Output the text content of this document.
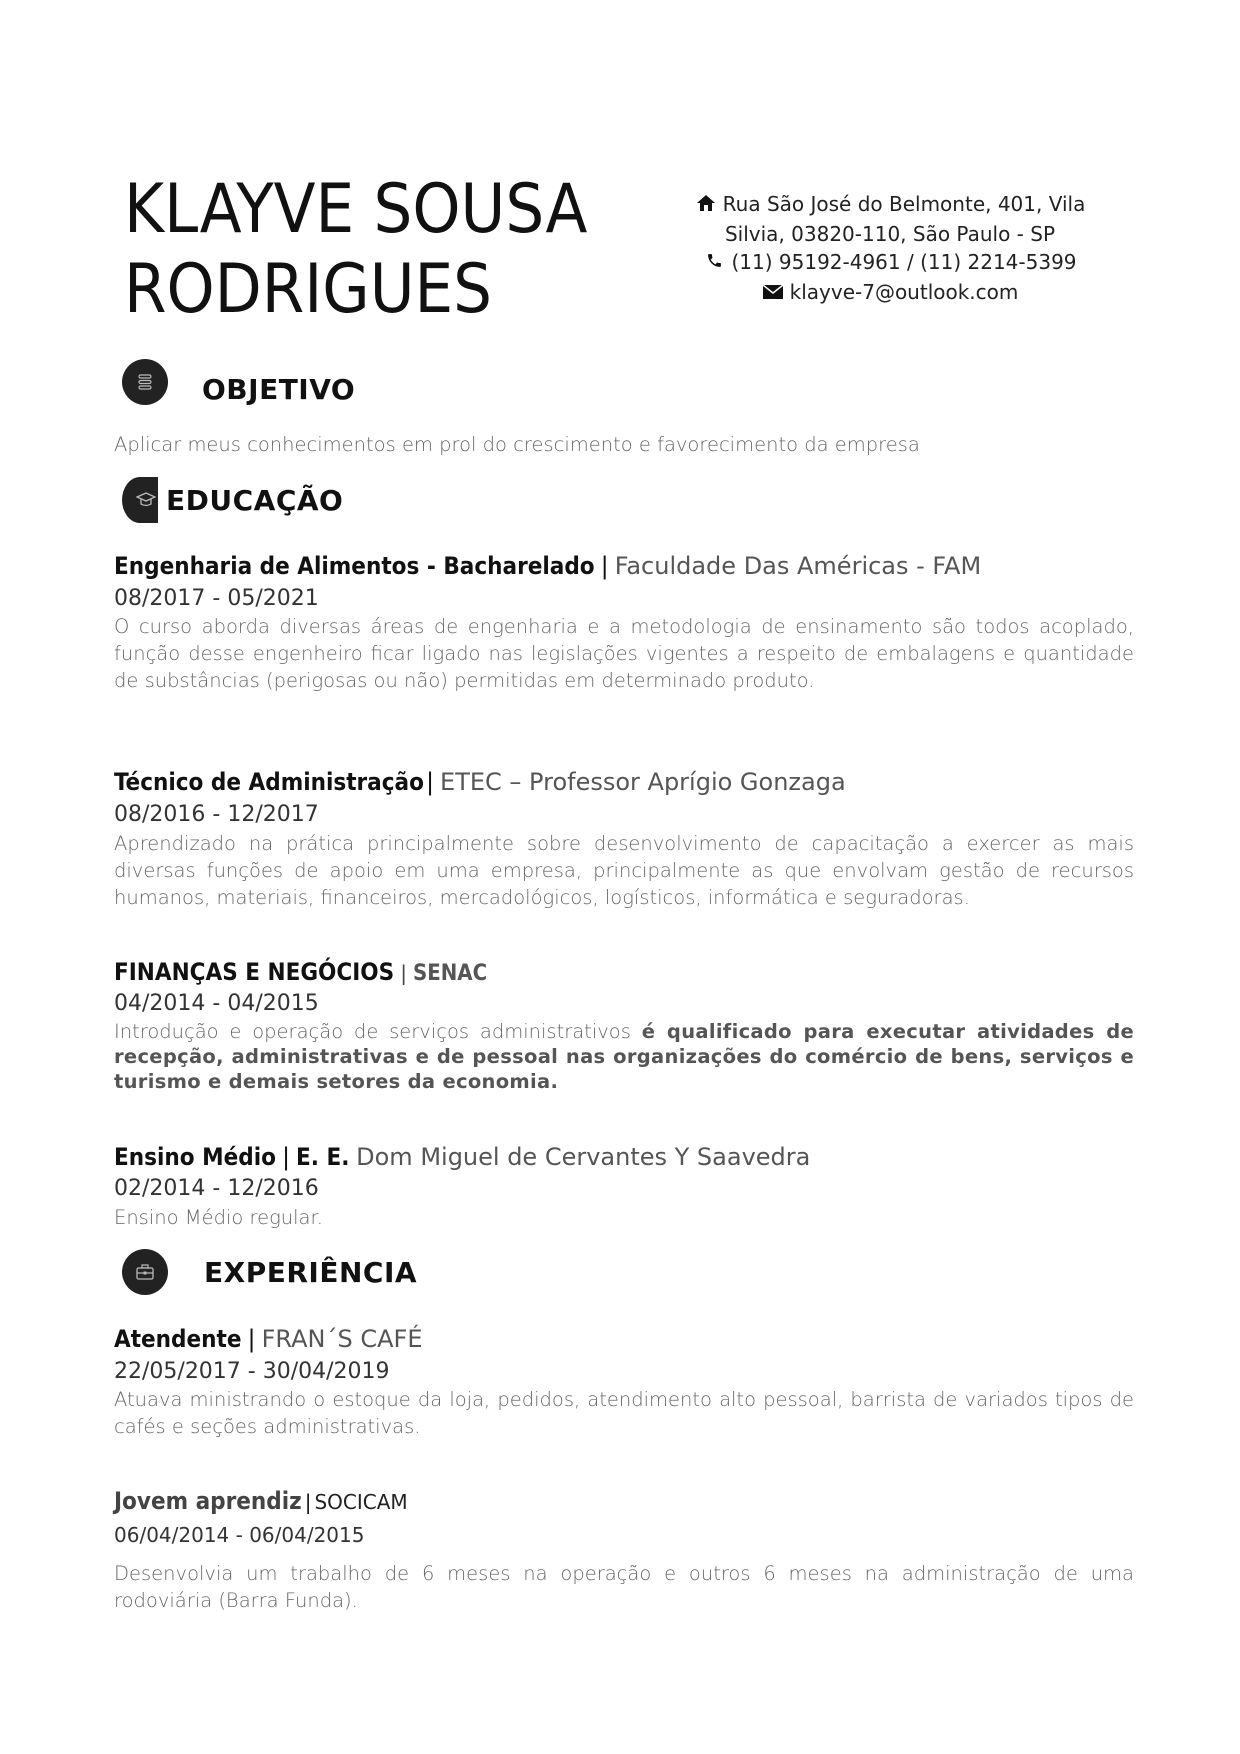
KLAYVE SOUSA
RODRIGUES
Rua São José do Belmonte, 401, Vila
Silvia, 03820-110, São Paulo - SP
(11) 95192-4961 / (11) 2214-5399
klayve-7@outlook.com
OBJETIVO
Aplicar meus conhecimentos em prol do crescimento e favorecimento da empresa
EDUCAÇÃO
Engenharia de Alimentos - Bacharelado | Faculdade Das Américas - FAM
08/2017 - 05/2021
O curso aborda diversas áreas de engenharia e a metodologia de ensinamento são todos acoplado, função desse engenheiro ficar ligado nas legislações vigentes a respeito de embalagens e quantidade de substâncias (perigosas ou não) permitidas em determinado produto.
Técnico de Administração| ETEC – Professor Aprígio Gonzaga
08/2016 - 12/2017
Aprendizado na prática principalmente sobre desenvolvimento de capacitação a exercer as mais diversas funções de apoio em uma empresa, principalmente as que envolvam gestão de recursos humanos, materiais, financeiros, mercadológicos, logísticos, informática e seguradoras.
FINANÇAS E NEGÓCIOS | SENAC
04/2014 - 04/2015
Introdução e operação de serviços administrativos é qualificado para executar atividades de recepção, administrativas e de pessoal nas organizações do comércio de bens, serviços e turismo e demais setores da economia.
Ensino Médio | E. E. Dom Miguel de Cervantes Y Saavedra
02/2014 - 12/2016
Ensino Médio regular.
EXPERIÊNCIA
Atendente | FRAN´S CAFÉ
22/05/2017 - 30/04/2019
Atuava ministrando o estoque da loja, pedidos, atendimento alto pessoal, barrista de variados tipos de cafés e seções administrativas.
Jovem aprendiz | SOCICAM
06/04/2014 - 06/04/2015
Desenvolvia um trabalho de 6 meses na operação e outros 6 meses na administração de uma rodoviária (Barra Funda).
